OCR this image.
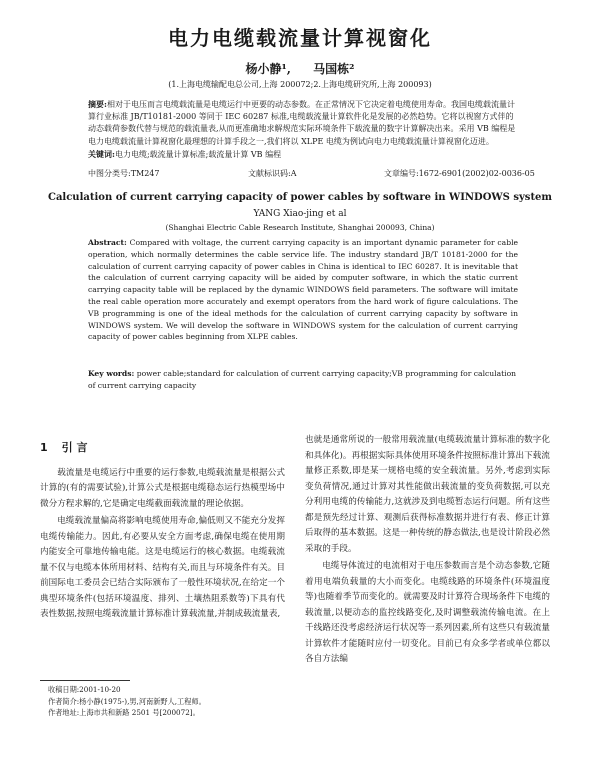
电力电缆载流量计算视窗化
杨小静¹, 马国栋²
(1.上海电缆输配电总公司,上海 200072;2.上海电缆研究所,上海 200093)
摘要:相对于电压而言电缆载流量是电缆运行中更要的动态参数。在正常情况下它决定着电缆使用寿命。我国电缆载流量计算行业标准 JB/T10181-2000 等同于 IEC 60287 标准,电缆载流量计算软件化是发展的必然趋势。它将以视窗方式伴的动态载荷参数代替与规范的载流量表,从而更准确地求解规范实际环境条件下载流量的数字计算解决出来。采用 VB 编程是电力电缆载流量计算视窗化最理想的计算手段之一,我们将以 XLPE 电缆为例试向电力电缆载流量计算视窗化迈进。
关键词:电力电缆;载流量计算标准;载流量计算 VB 编程
中图分类号:TM247	文献标识码:A	文章编号:1672-6901(2002)02-0036-05
Calculation of current carrying capacity of power cables by software in WINDOWS system
YANG Xiao-jing et al
(Shanghai Electric Cable Research Institute, Shanghai 200093, China)
Abstract: Compared with voltage, the current carrying capacity is an important dynamic parameter for cable operation, which normally determines the cable service life. The industry standard JB/T 10181-2000 for the calculation of current carrying capacity of power cables in China is identical to IEC 60287. It is inevitable that the calculation of current carrying capacity will be aided by computer software, in which the static current carrying capacity table will be replaced by the dynamic WINDOWS field parameters. The software will imitate the real cable operation more accurately and exempt operators from the hard work of figure calculations. The VB programming is one of the ideal methods for the calculation of current carrying capacity by software in WINDOWS system. We will develop the software in WINDOWS system for the calculation of current carrying capacity of power cables beginning from XLPE cables.
Key words: power cable;standard for calculation of current carrying capacity;VB programming for calculation of current carrying capacity
1 引 言

载流量是电缆运行中重要的运行参数,电缆载流量是根据公式计算的(有的需要试验),计算公式是根据电缆稳态运行热模型场中微分方程求解的,它是确定电缆截面载流量的理论依据。

电缆载流量偏高将影响电缆使用寿命,偏低则又不能充分发挥电缆传输能力。因此,有必要从安全方面考虑,确保电缆在使用期内能安全可靠地传输电能。这是电缆运行的核心数据。电缆载流量不仅与电缆本体所用材料、结构有关,而且与环境条件有关。目前国际电工委员会已结合实际颁布了一般性环境状况,在给定一个典型环境条件(包括环境温度、排列、土壤热阻系数等)下具有代表性数据,按照电缆载流量计算标准计算载流量,并制成载流量表,

也就是通常所说的一般常用载流量(电缆载流量计算标准的数字化和具体化)。再根据实际具体使用环境条件按照标准计算出下载流量修正系数,即是某一规格电缆的安全载流量。另外,考虑到实际变负荷情况,通过计算对其性能做出载流量的变负荷数据,可以充分利用电缆的传输能力,这就涉及到电缆暂态运行问题。所有这些都是预先经过计算、观测后获得标准数据并进行有表、修正计算后取得的基本数据。这是一种传统的静态做法,也是设计阶段必然采取的手段。

电缆导体流过的电流相对于电压参数而言是个动态参数,它随着用电端负载量的大小而变化。电缆线路的环境条件(环境温度等)也随着季节而变化的。就需要及时计算符合现场条件下电缆的载流量,以便动态的监控线路变化,及时调整载流传输电流。在上千线路还没考虑经济运行状况等一系列因素,所有这些只有载流量计算软件才能随时应付一切变化。目前已有众多学者或单位都以各自方法编

收稿日期:2001-10-20
作者简介:杨小静(1975-),男,河南新野人,工程师。
作者地址:上海市共和新路 2501 号[200072]。
